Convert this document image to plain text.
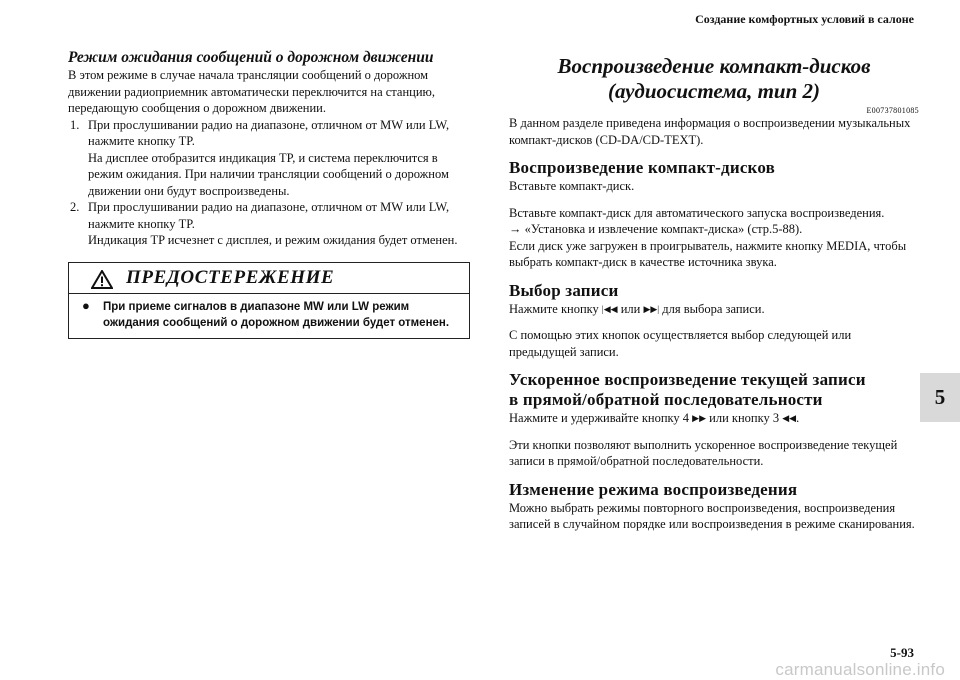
Создание комфортных условий в салоне
5
5-93
carmanualsonline.info
Режим ожидания сообщений о дорожном движении

В этом режиме в случае начала трансляции сообщений о дорожном движении радиоприемник автоматически переключится на станцию, передающую сообщения о дорожном движении.

1. При прослушивании радио на диапазоне, отличном от MW или LW, нажмите кнопку TP.
На дисплее отобразится индикация TP, и система переключится в режим ожидания. При наличии трансляции сообщений о дорожном движении они будут воспроизведены.
2. При прослушивании радио на диапазоне, отличном от MW или LW, нажмите кнопку TP.
Индикация TP исчезнет с дисплея, и режим ожидания будет отменен.
ПРЕДОСТЕРЕЖЕНИЕ
● При приеме сигналов в диапазоне MW или LW режим ожидания сообщений о дорожном движении будет отменен.
Воспроизведение компакт-дисков
(аудиосистема, тип 2)
E00737801085

В данном разделе приведена информация о воспроизведении музыкальных компакт-дисков (CD-DA/CD-TEXT).

Воспроизведение компакт-дисков

Вставьте компакт-диск.

Вставьте компакт-диск для автоматического запуска воспроизведения.

→ «Установка и извлечение компакт-диска» (стр.5-88).

Если диск уже загружен в проигрыватель, нажмите кнопку MEDIA, чтобы выбрать компакт-диск в качестве источника звука.

Выбор записи

Нажмите кнопку |◀◀ или ▶▶| для выбора записи.

С помощью этих кнопок осуществляется выбор следующей или предыдущей записи.

Ускоренное воспроизведение текущей записи
в прямой/обратной последовательности

Нажмите и удерживайте кнопку 4 ▶▶ или кнопку 3 ◀◀.

Эти кнопки позволяют выполнить ускоренное воспроизведение текущей записи в прямой/обратной последовательности.

Изменение режима воспроизведения

Можно выбрать режимы повторного воспроизведения, воспроизведения записей в случайном порядке или воспроизведения в режиме сканирования.
